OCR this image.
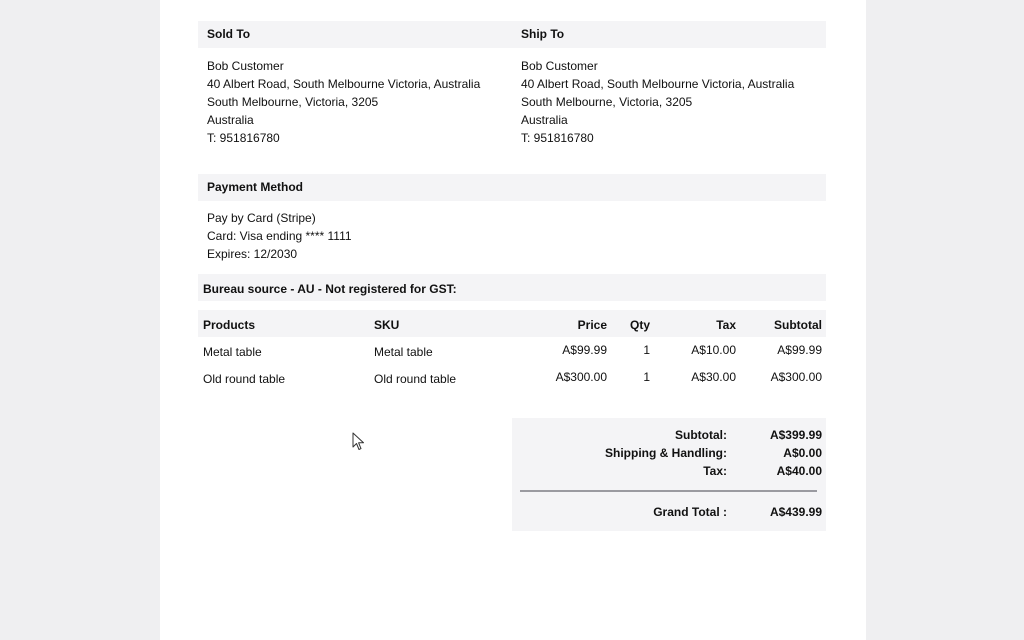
Sold To	Ship To
Bob Customer
40 Albert Road, South Melbourne Victoria, Australia
South Melbourne, Victoria, 3205
Australia
T: 951816780
Bob Customer
40 Albert Road, South Melbourne Victoria, Australia
South Melbourne, Victoria, 3205
Australia
T: 951816780
Payment Method
Pay by Card (Stripe)
Card: Visa ending **** 1111
Expires: 12/2030
Bureau source - AU - Not registered for GST:
Products	SKU	Price	Qty	Tax	Subtotal
Metal table	Metal table	A$99.99	1	A$10.00	A$99.99
Old round table	Old round table	A$300.00	1	A$30.00	A$300.00
Subtotal:	A$399.99
Shipping & Handling:	A$0.00
Tax:	A$40.00
Grand Total :	A$439.99
